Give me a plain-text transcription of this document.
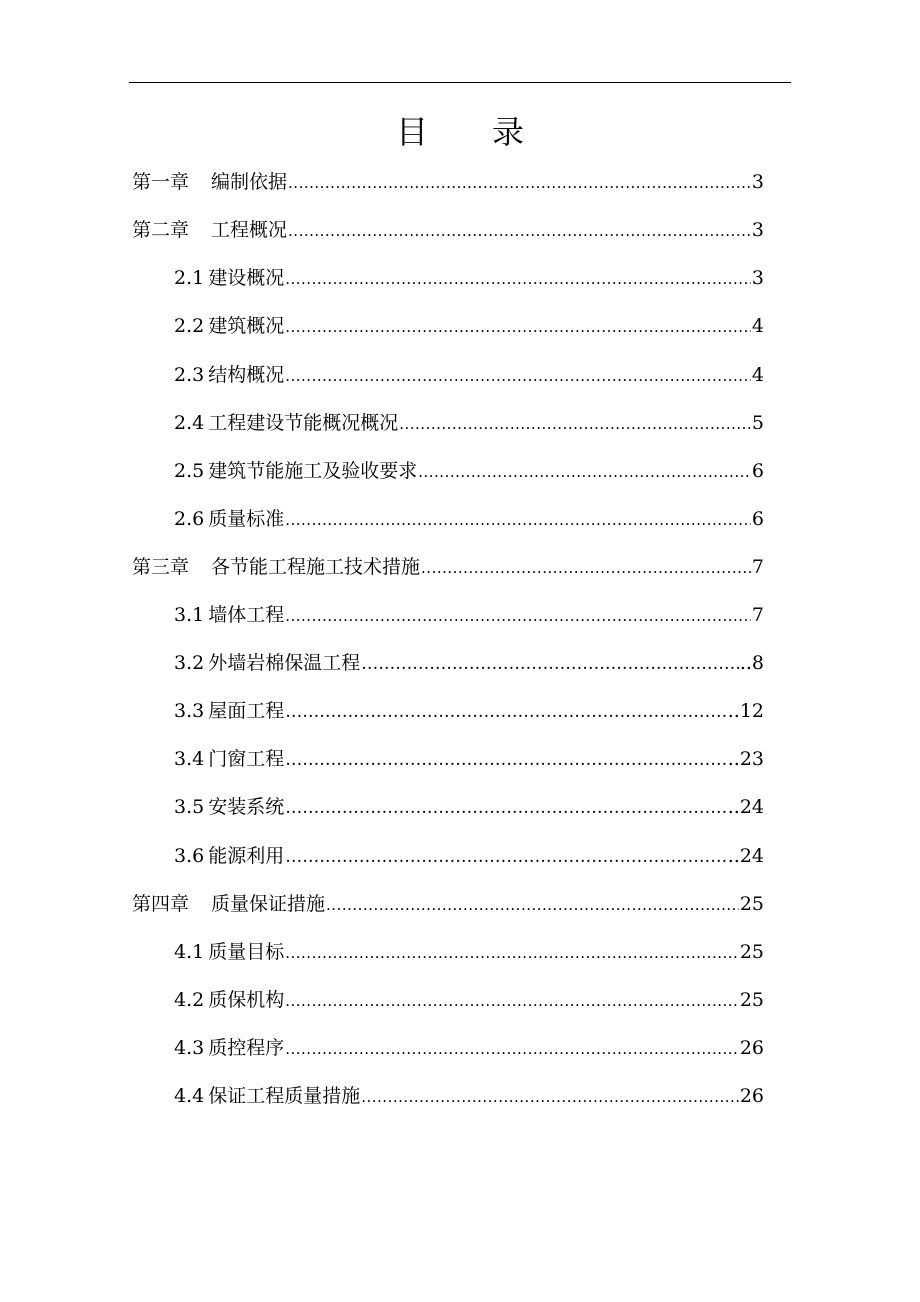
目 录
第一章 编制依据 .....	3
第二章 工程概况 .....	3
2.1 建设概况 .....	3
2.2 建筑概况 .....	4
2.3 结构概况 .....	4
2.4 工程建设节能概况概况 .....	5
2.5 建筑节能施工及验收要求 .....	6
2.6 质量标准 .....	6
第三章 各节能工程施工技术措施 .....	7
3.1 墙体工程 .....	7
3.2 外墙岩棉保温工程 …………………………………………………………………………………………………………………………………………	..8
3.3 屋面工程 …………………………………………………………………………………………………………………………………………	..12
3.4 门窗工程 …………………………………………………………………………………………………………………………………………	..23
3.5 安装系统 …………………………………………………………………………………………………………………………………………	..24
3.6 能源利用 …………………………………………………………………………………………………………………………………………	..24
第四章 质量保证措施 .....	25
4.1 质量目标 .....	25
4.2 质保机构 .....	25
4.3 质控程序 .....	26
4.4 保证工程质量措施 .....	26
